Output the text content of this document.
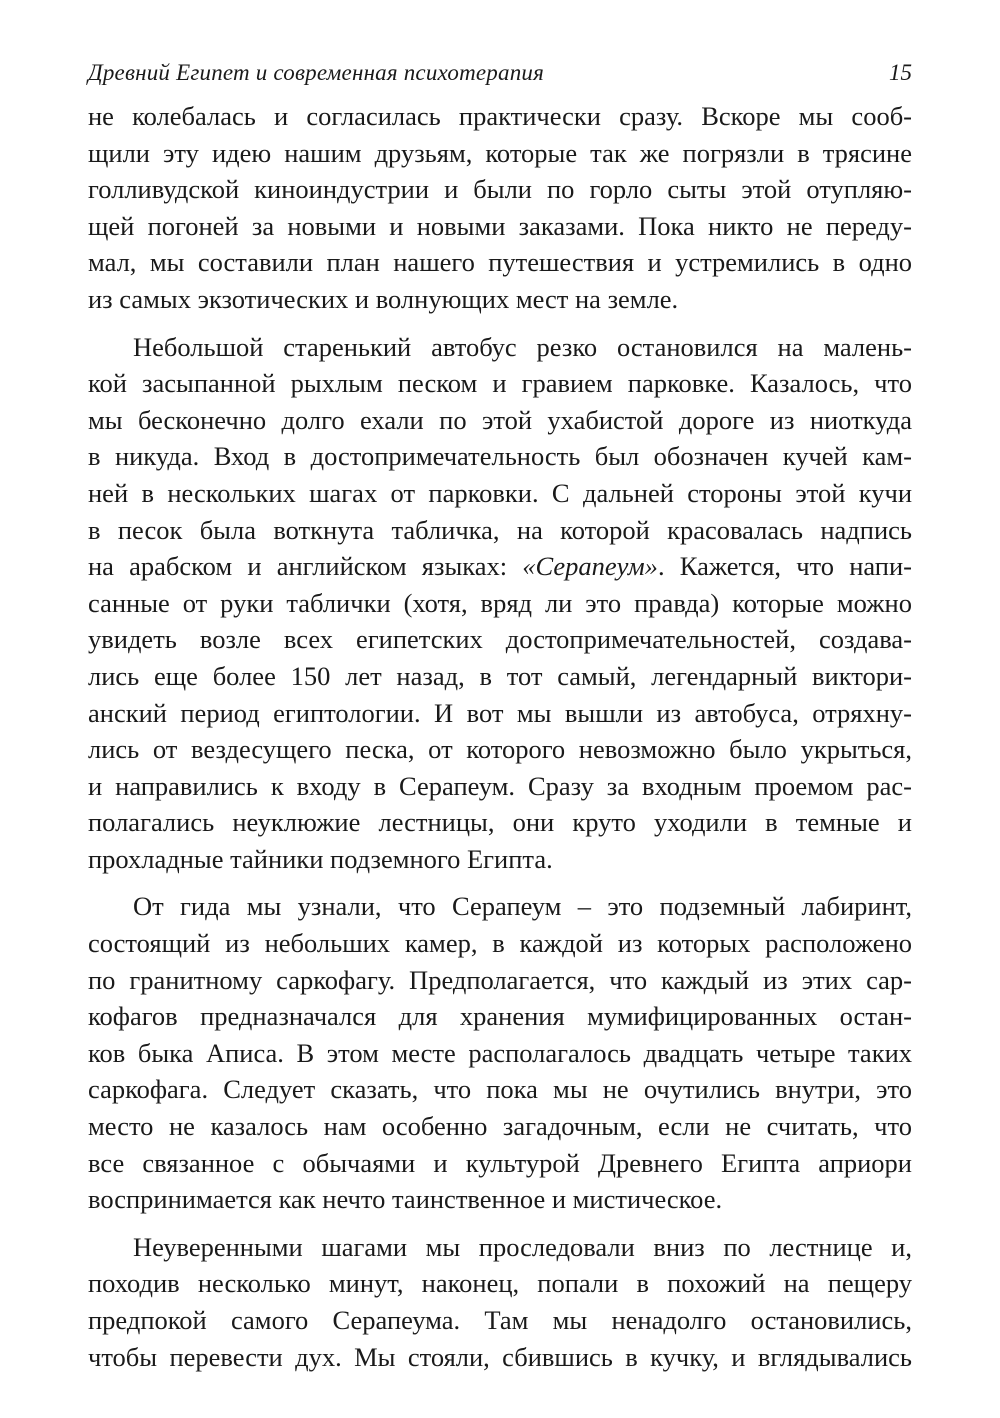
Древний Египет и современная психотерапия	15
не колебалась и согласилась практически сразу. Вскоре мы сооб-
щили эту идею нашим друзьям, которые так же погрязли в трясине
голливудской киноиндустрии и были по горло сыты этой отупляю-
щей погоней за новыми и новыми заказами. Пока никто не переду-
мал, мы составили план нашего путешествия и устремились в одно
из самых экзотических и волнующих мест на земле.
Небольшой старенький автобус резко остановился на малень-
кой засыпанной рыхлым песком и гравием парковке. Казалось, что
мы бесконечно долго ехали по этой ухабистой дороге из ниоткуда
в никуда. Вход в достопримечательность был обозначен кучей кам-
ней в нескольких шагах от парковки. С дальней стороны этой кучи
в песок была воткнута табличка, на которой красовалась надпись
на арабском и английском языках: «Серапеум». Кажется, что напи-
санные от руки таблички (хотя, вряд ли это правда) которые можно
увидеть возле всех египетских достопримечательностей, создава-
лись еще более 150 лет назад, в тот самый, легендарный виктори-
анский период египтологии. И вот мы вышли из автобуса, отряхну-
лись от вездесущего песка, от которого невозможно было укрыться,
и направились к входу в Серапеум. Сразу за входным проемом рас-
полагались неуклюжие лестницы, они круто уходили в темные и
прохладные тайники подземного Египта.
От гида мы узнали, что Серапеум – это подземный лабиринт,
состоящий из небольших камер, в каждой из которых расположено
по гранитному саркофагу. Предполагается, что каждый из этих сар-
кофагов предназначался для хранения мумифицированных остан-
ков быка Аписа. В этом месте располагалось двадцать четыре таких
саркофага. Следует сказать, что пока мы не очутились внутри, это
место не казалось нам особенно загадочным, если не считать, что
все связанное с обычаями и культурой Древнего Египта априори
воспринимается как нечто таинственное и мистическое.
Неуверенными шагами мы проследовали вниз по лестнице и,
походив несколько минут, наконец, попали в похожий на пещеру
предпокой самого Серапеума. Там мы ненадолго остановились,
чтобы перевести дух. Мы стояли, сбившись в кучку, и вглядывались
